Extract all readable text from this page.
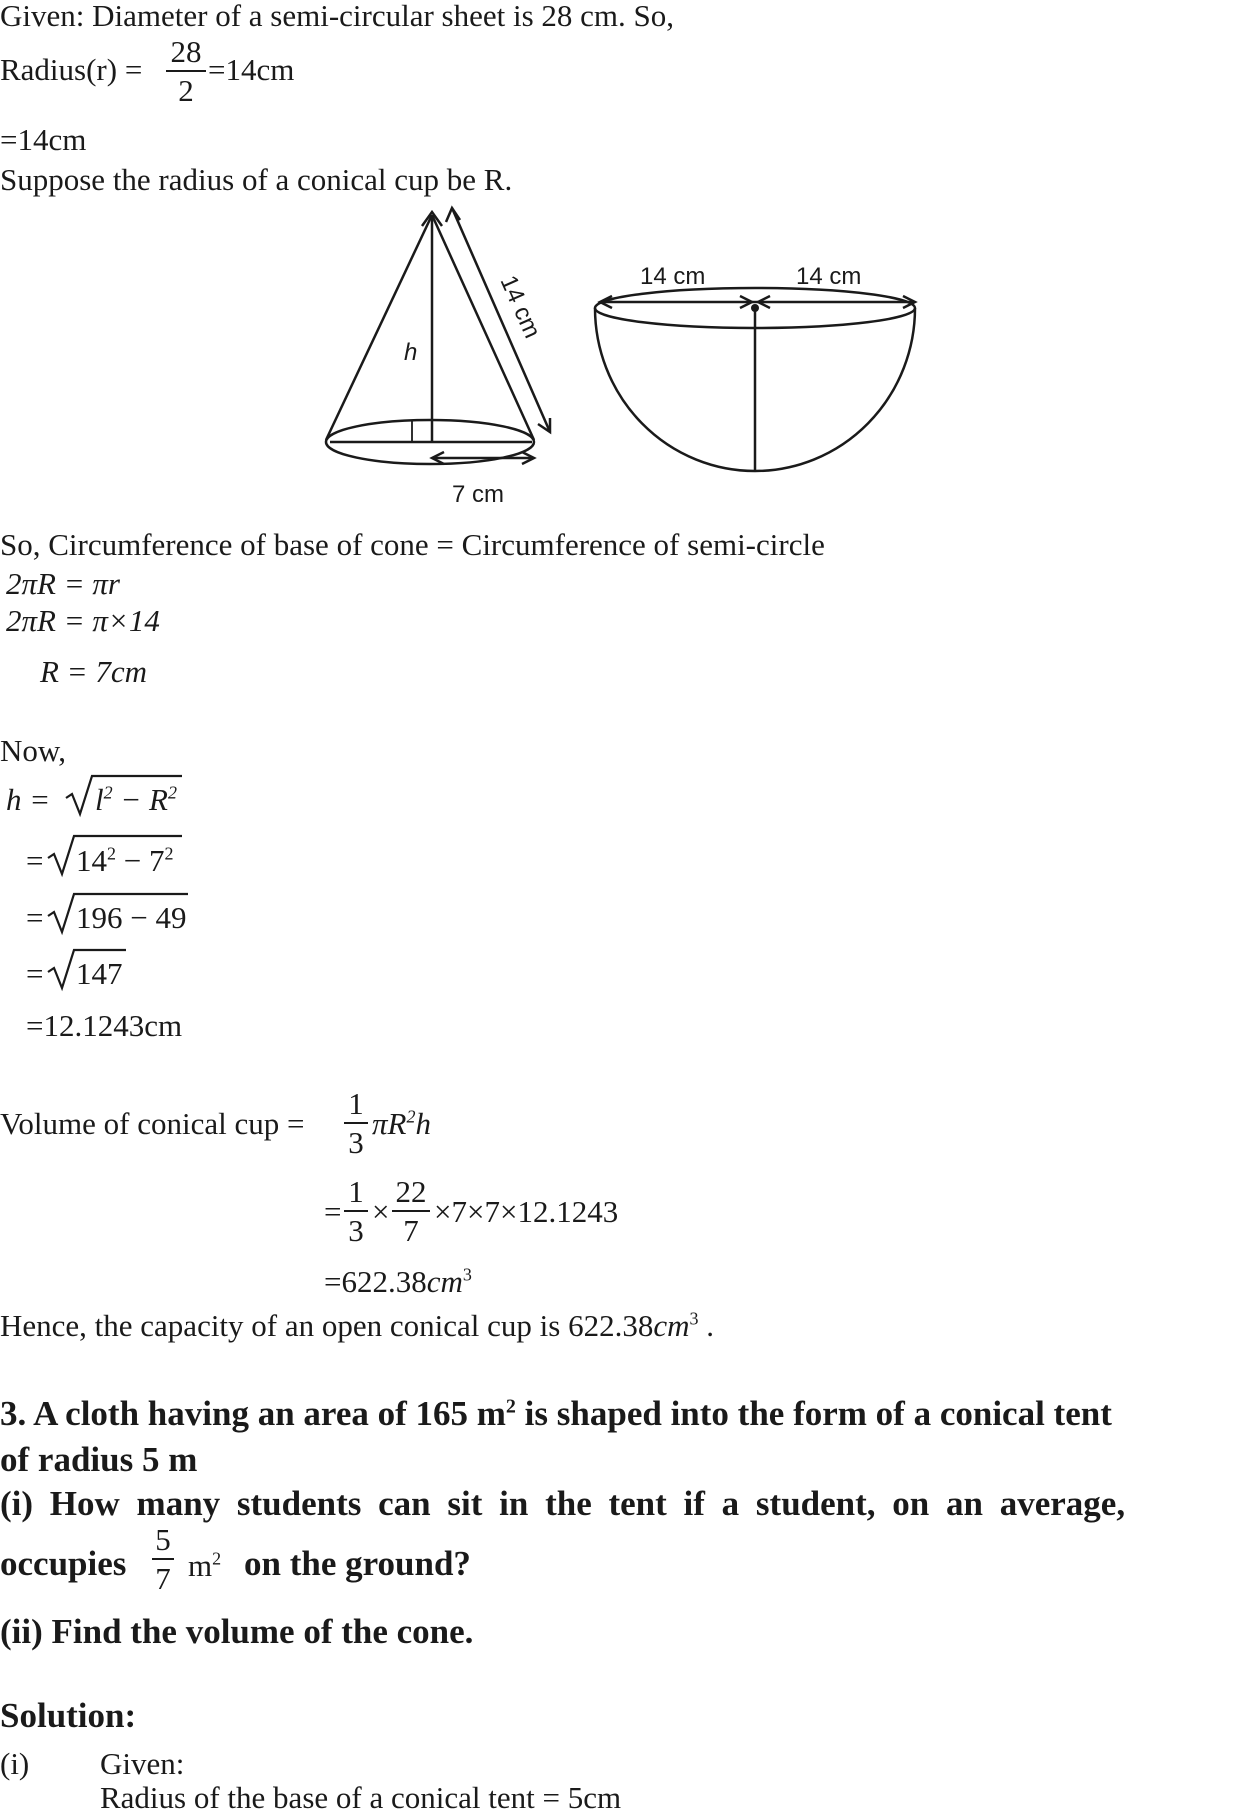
Given: Diameter of a semi-circular sheet is 28 cm. So,
Radius(r) =
28
2
=14cm
=14cm
Suppose the radius of a conical cup be R.
14 cm	14 cm
7 cm
h
14 cm
So, Circumference of base of cone = Circumference of semi-circle
2πR = πr
2πR = π×14
R = 7cm
Now,
$h = l^2 - R^2$
= $14^2 - 7^2$
= 196 − 49
= 147
=12.1243cm
Volume of conical cup =
1
3
$\pi R^2h$
=
1
3
×
22
7
×7×7×12.1243
$=622.38cm^3$
Hence, the capacity of an open conical cup is $622.38cm^3$ .
3. A cloth having an area of 165 $m^2$ is shaped into the form of a conical tent
of radius 5 m
(i) How many students can sit in the tent if a student, on an average,
occupies
5
7 $m^2$ on the ground?
(ii) Find the volume of the cone.
Solution:
(i) Given:
Radius of the base of a conical tent = 5cm
